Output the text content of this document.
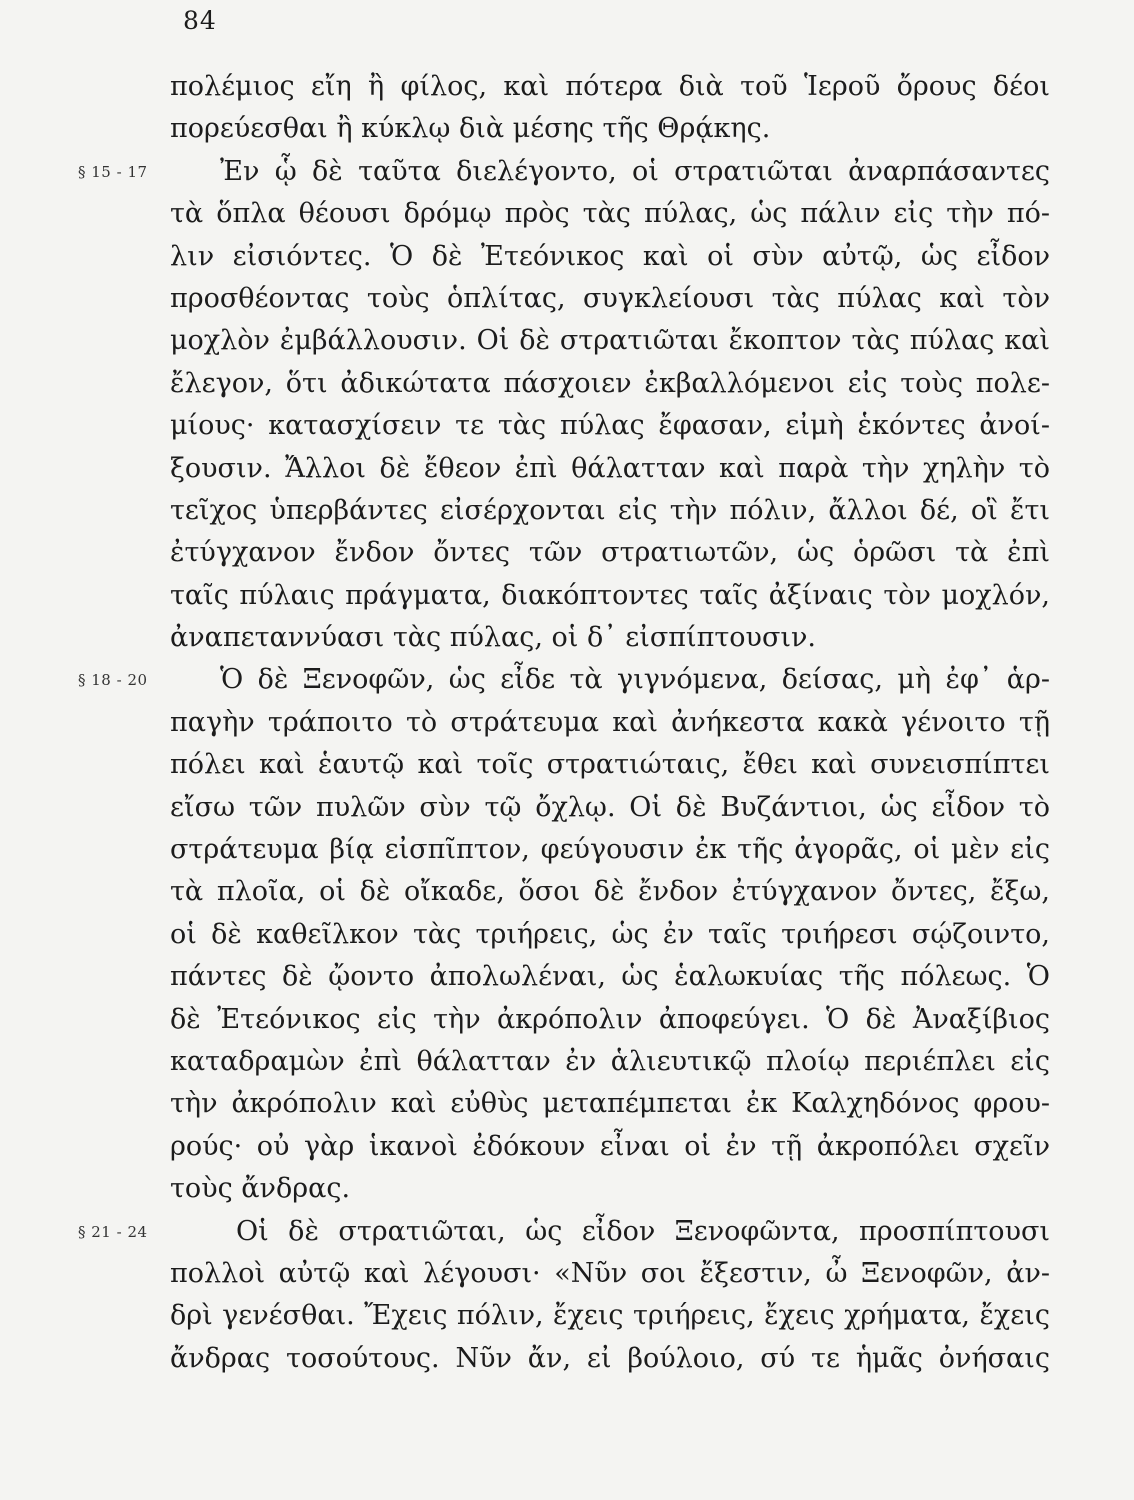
84
πολέμιος εἴη ἢ φίλος, καὶ πότερα διὰ τοῦ Ἱεροῦ ὄρους δέοι
πορεύεσθαι ἢ κύκλῳ διὰ μέσης τῆς Θρᾴκης.
§ 15 - 17	Ἐν ᾧ δὲ ταῦτα διελέγοντο, οἱ στρατιῶται ἀναρπάσαντες
τὰ ὅπλα θέουσι δρόμῳ πρὸς τὰς πύλας, ὡς πάλιν εἰς τὴν πό-
λιν εἰσιόντες. Ὁ δὲ Ἐτεόνικος καὶ οἱ σὺν αὐτῷ, ὡς εἶδον
προσθέοντας τοὺς ὁπλίτας, συγκλείουσι τὰς πύλας καὶ τὸν
μοχλὸν ἐμβάλλουσιν. Οἱ δὲ στρατιῶται ἔκοπτον τὰς πύλας καὶ
ἔλεγον, ὅτι ἀδικώτατα πάσχοιεν ἐκβαλλόμενοι εἰς τοὺς πολε-
μίους· κατασχίσειν τε τὰς πύλας ἔφασαν, εἰμὴ ἑκόντες ἀνοί-
ξουσιν. Ἄλλοι δὲ ἔθεον ἐπὶ θάλατταν καὶ παρὰ τὴν χηλὴν τὸ
τεῖχος ὑπερβάντες εἰσέρχονται εἰς τὴν πόλιν, ἄλλοι δέ, οἳ ἔτι
ἐτύγχανον ἔνδον ὄντες τῶν στρατιωτῶν, ὡς ὁρῶσι τὰ ἐπὶ
ταῖς πύλαις πράγματα, διακόπτοντες ταῖς ἀξίναις τὸν μοχλόν,
ἀναπεταννύασι τὰς πύλας, οἱ δ᾽ εἰσπίπτουσιν.
§ 18 - 20	Ὁ δὲ Ξενοφῶν, ὡς εἶδε τὰ γιγνόμενα, δείσας, μὴ ἐφ᾽ ἁρ-
παγὴν τράποιτο τὸ στράτευμα καὶ ἀνήκεστα κακὰ γένοιτο τῇ
πόλει καὶ ἑαυτῷ καὶ τοῖς στρατιώταις, ἔθει καὶ συνεισπίπτει
εἴσω τῶν πυλῶν σὺν τῷ ὄχλῳ. Οἱ δὲ Βυζάντιοι, ὡς εἶδον τὸ
στράτευμα βίᾳ εἰσπῖπτον, φεύγουσιν ἐκ τῆς ἀγορᾶς, οἱ μὲν εἰς
τὰ πλοῖα, οἱ δὲ οἴκαδε, ὅσοι δὲ ἔνδον ἐτύγχανον ὄντες, ἔξω,
οἱ δὲ καθεῖλκον τὰς τριήρεις, ὡς ἐν ταῖς τριήρεσι σῴζοιντο,
πάντες δὲ ᾤοντο ἀπολωλέναι, ὡς ἑαλωκυίας τῆς πόλεως. Ὁ
δὲ Ἐτεόνικος εἰς τὴν ἀκρόπολιν ἀποφεύγει. Ὁ δὲ Ἀναξίβιος
καταδραμὼν ἐπὶ θάλατταν ἐν ἁλιευτικῷ πλοίῳ περιέπλει εἰς
τὴν ἀκρόπολιν καὶ εὐθὺς μεταπέμπεται ἐκ Καλχηδόνος φρου-
ρούς· οὐ γὰρ ἱκανοὶ ἐδόκουν εἶναι οἱ ἐν τῇ ἀκροπόλει σχεῖν
τοὺς ἄνδρας.
§ 21 - 24	Οἱ δὲ στρατιῶται, ὡς εἶδον Ξενοφῶντα, προσπίπτουσι
πολλοὶ αὐτῷ καὶ λέγουσι· «Νῦν σοι ἔξεστιν, ὦ Ξενοφῶν, ἀν-
δρὶ γενέσθαι. Ἔχεις πόλιν, ἔχεις τριήρεις, ἔχεις χρήματα, ἔχεις
ἄνδρας τοσούτους. Νῦν ἄν, εἰ βούλοιο, σύ τε ἡμᾶς ὀνήσαις
